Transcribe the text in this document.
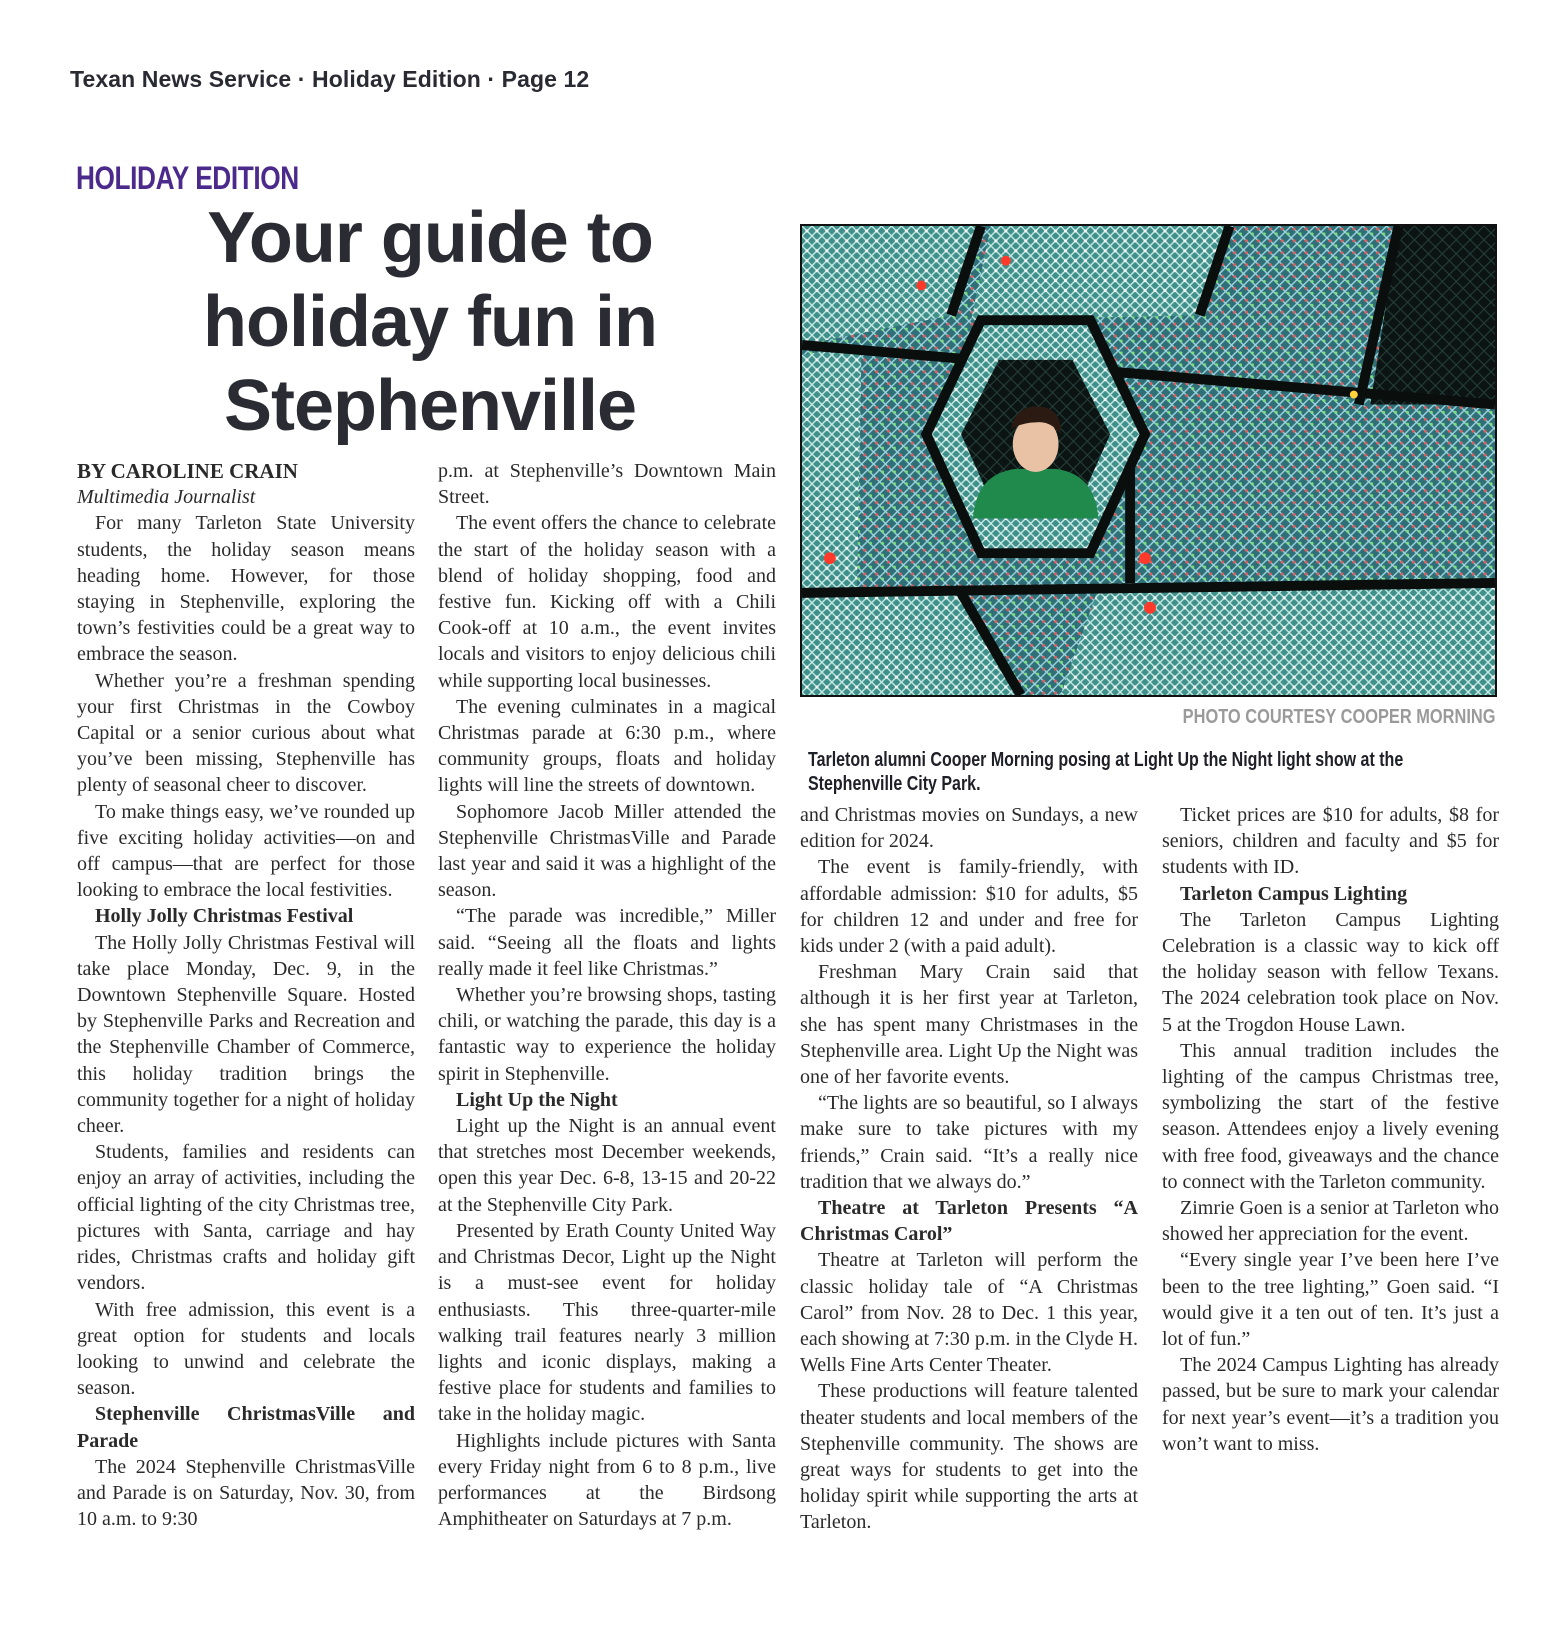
Texan News Service · Holiday Edition · Page 12
HOLIDAY EDITION
Your guide to
holiday fun in
Stephenville

BY CAROLINE CRAIN

Multimedia Journalist

For many Tarleton State University students, the holiday season means heading home. However, for those staying in Stephenville, exploring the town’s festivities could be a great way to embrace the season.

Whether you’re a freshman spending your first Christmas in the Cowboy Capital or a senior curious about what you’ve been missing, Stephenville has plenty of seasonal cheer to discover.

To make things easy, we’ve rounded up five exciting holiday activities—on and off campus—that are perfect for those looking to embrace the local festivities.

Holly Jolly Christmas Festival

The Holly Jolly Christmas Festival will take place Monday, Dec. 9, in the Downtown Stephenville Square. Hosted by Stephenville Parks and Recreation and the Stephenville Chamber of Commerce, this holiday tradition brings the community together for a night of holiday cheer.

Students, families and residents can enjoy an array of activities, including the official lighting of the city Christmas tree, pictures with Santa, carriage and hay rides, Christmas crafts and holiday gift vendors.

With free admission, this event is a great option for students and locals looking to unwind and celebrate the season.

Stephenville ChristmasVille and Parade

The 2024 Stephenville ChristmasVille and Parade is on Saturday, Nov. 30, from 10 a.m. to 9:30

p.m. at Stephenville’s Downtown Main Street.

The event offers the chance to celebrate the start of the holiday season with a blend of holiday shopping, food and festive fun. Kicking off with a Chili Cook-off at 10 a.m., the event invites locals and visitors to enjoy delicious chili while supporting local businesses.

The evening culminates in a magical Christmas parade at 6:30 p.m., where community groups, floats and holiday lights will line the streets of downtown.

Sophomore Jacob Miller attended the Stephenville ChristmasVille and Parade last year and said it was a highlight of the season.

“The parade was incredible,” Miller said. “Seeing all the floats and lights really made it feel like Christmas.”

Whether you’re browsing shops, tasting chili, or watching the parade, this day is a fantastic way to experience the holiday spirit in Stephenville.

Light Up the Night

Light up the Night is an annual event that stretches most December weekends, open this year Dec. 6-8, 13-15 and 20-22 at the Stephenville City Park.

Presented by Erath County United Way and Christmas Decor, Light up the Night is a must-see event for holiday enthusiasts. This three-quarter-mile walking trail features nearly 3 million lights and iconic displays, making a festive place for students and families to take in the holiday magic.

Highlights include pictures with Santa every Friday night from 6 to 8 p.m., live performances at the Birdsong Amphitheater on Saturdays at 7 p.m.

PHOTO COURTESY COOPER MORNING
Tarleton alumni Cooper Morning posing at Light Up the Night light show at the Stephenville City Park.

and Christmas movies on Sundays, a new edition for 2024.

The event is family-friendly, with affordable admission: $10 for adults, $5 for children 12 and under and free for kids under 2 (with a paid adult).

Freshman Mary Crain said that although it is her first year at Tarleton, she has spent many Christmases in the Stephenville area. Light Up the Night was one of her favorite events.

“The lights are so beautiful, so I always make sure to take pictures with my friends,” Crain said. “It’s a really nice tradition that we always do.”

Theatre at Tarleton Presents “A Christmas Carol”

Theatre at Tarleton will perform the classic holiday tale of “A Christmas Carol” from Nov. 28 to Dec. 1 this year, each showing at 7:30 p.m. in the Clyde H. Wells Fine Arts Center Theater.

These productions will feature talented theater students and local members of the Stephenville community. The shows are great ways for students to get into the holiday spirit while supporting the arts at Tarleton.

Ticket prices are $10 for adults, $8 for seniors, children and faculty and $5 for students with ID.

Tarleton Campus Lighting

The Tarleton Campus Lighting Celebration is a classic way to kick off the holiday season with fellow Texans. The 2024 celebration took place on Nov. 5 at the Trogdon House Lawn.

This annual tradition includes the lighting of the campus Christmas tree, symbolizing the start of the festive season. Attendees enjoy a lively evening with free food, giveaways and the chance to connect with the Tarleton community.

Zimrie Goen is a senior at Tarleton who showed her appreciation for the event.

“Every single year I’ve been here I’ve been to the tree lighting,” Goen said. “I would give it a ten out of ten. It’s just a lot of fun.”

The 2024 Campus Lighting has already passed, but be sure to mark your calendar for next year’s event—it’s a tradition you won’t want to miss.
